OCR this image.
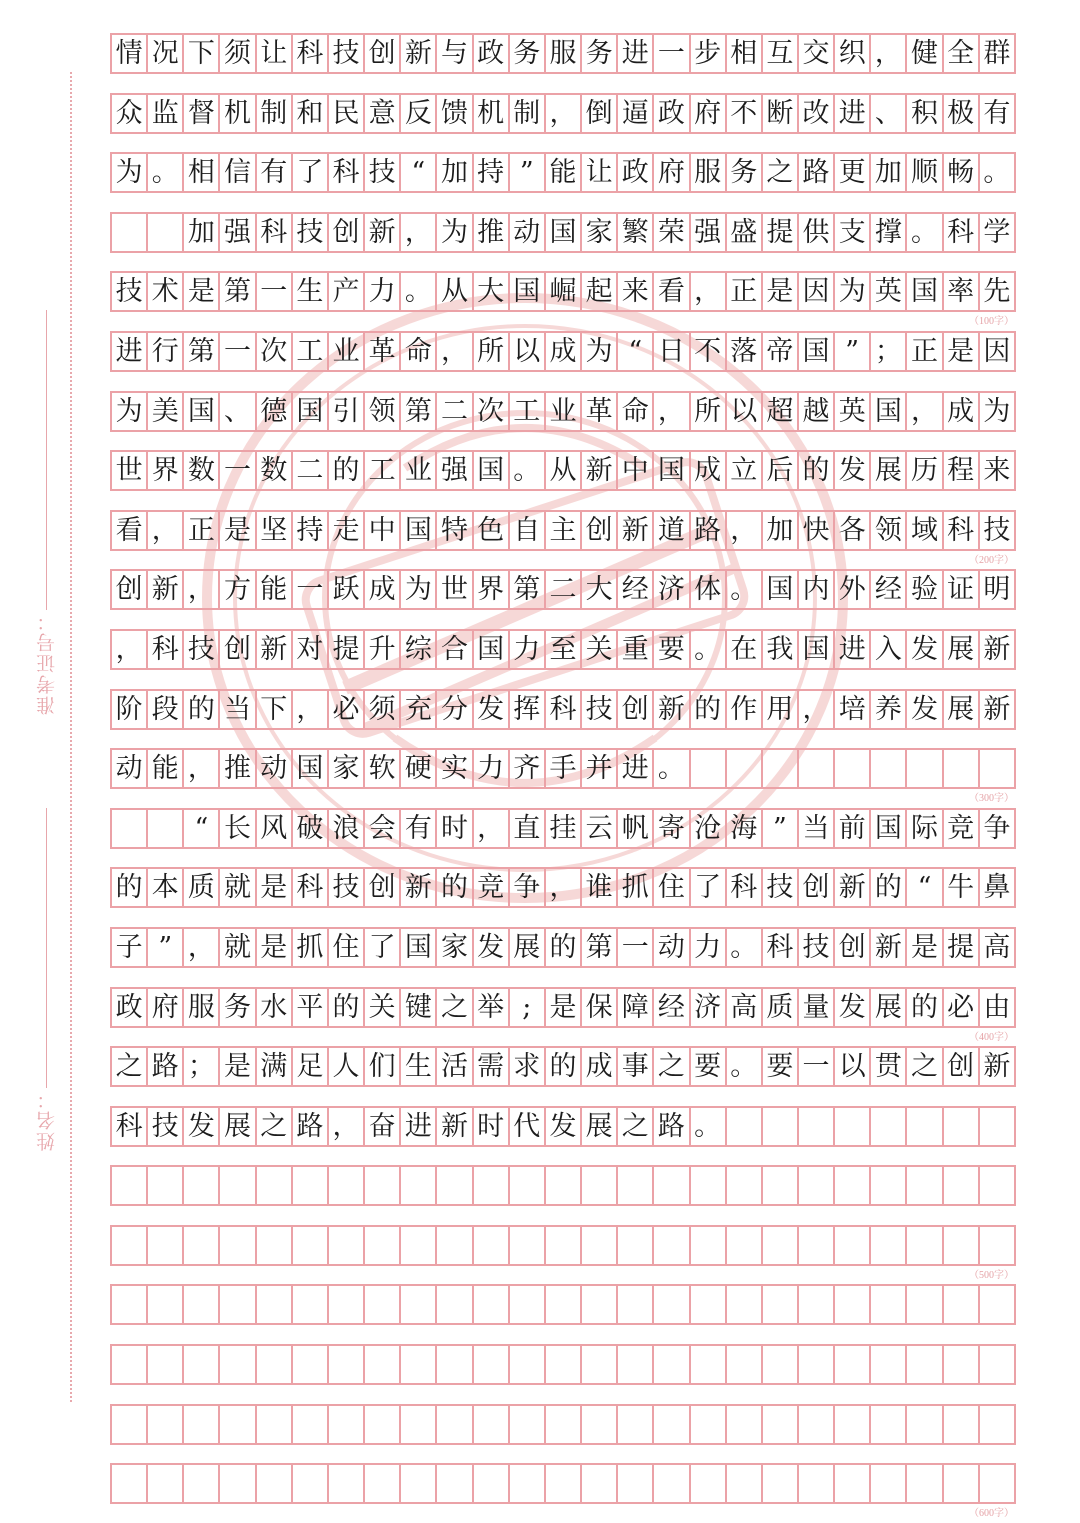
准考证号：
姓名：
情 况 下 须 让 科 技 创 新 与 政 务 服 务 进 一 步 相 互 交 织 ， 健 全 群
众 监 督 机 制 和 民 意 反 馈 机 制 ， 倒 逼 政 府 不 断 改 进 、 积 极 有
为 。 相 信 有 了 科 技 “ 加 持 ” 能 让 政 府 服 务 之 路 更 加 顺 畅 。
加 强 科 技 创 新 ， 为 推 动 国 家 繁 荣 强 盛 提 供 支 撑 。 科 学
技 术 是 第 一 生 产 力 。 从 大 国 崛 起 来 看 ， 正 是 因 为 英 国 率 先
（100字）
进 行 第 一 次 工 业 革 命 ， 所 以 成 为 “ 日 不 落 帝 国 ” ； 正 是 因
为 美 国 、 德 国 引 领 第 二 次 工 业 革 命 ， 所 以 超 越 英 国 ， 成 为
世 界 数 一 数 二 的 工 业 强 国 。 从 新 中 国 成 立 后 的 发 展 历 程 来
看 ， 正 是 坚 持 走 中 国 特 色 自 主 创 新 道 路 ， 加 快 各 领 域 科 技
（200字）
创 新 ， 方 能 一 跃 成 为 世 界 第 二 大 经 济 体 。 国 内 外 经 验 证 明
， 科 技 创 新 对 提 升 综 合 国 力 至 关 重 要 。 在 我 国 进 入 发 展 新
阶 段 的 当 下 ， 必 须 充 分 发 挥 科 技 创 新 的 作 用 ， 培 养 发 展 新
动 能 ， 推 动 国 家 软 硬 实 力 齐 手 并 进 。
（300字）
“ 长 风 破 浪 会 有 时 ， 直 挂 云 帆 寄 沧 海 ” 当 前 国 际 竞 争
的 本 质 就 是 科 技 创 新 的 竞 争 ， 谁 抓 住 了 科 技 创 新 的 “ 牛 鼻
子 ” ， 就 是 抓 住 了 国 家 发 展 的 第 一 动 力 。 科 技 创 新 是 提 高
政 府 服 务 水 平 的 关 键 之 举 ; 是 保 障 经 济 高 质 量 发 展 的 必 由
（400字）
之 路 ； 是 满 足 人 们 生 活 需 求 的 成 事 之 要 。 要 一 以 贯 之 创 新
科 技 发 展 之 路 ， 奋 进 新 时 代 发 展 之 路 。
（500字）
（600字）
